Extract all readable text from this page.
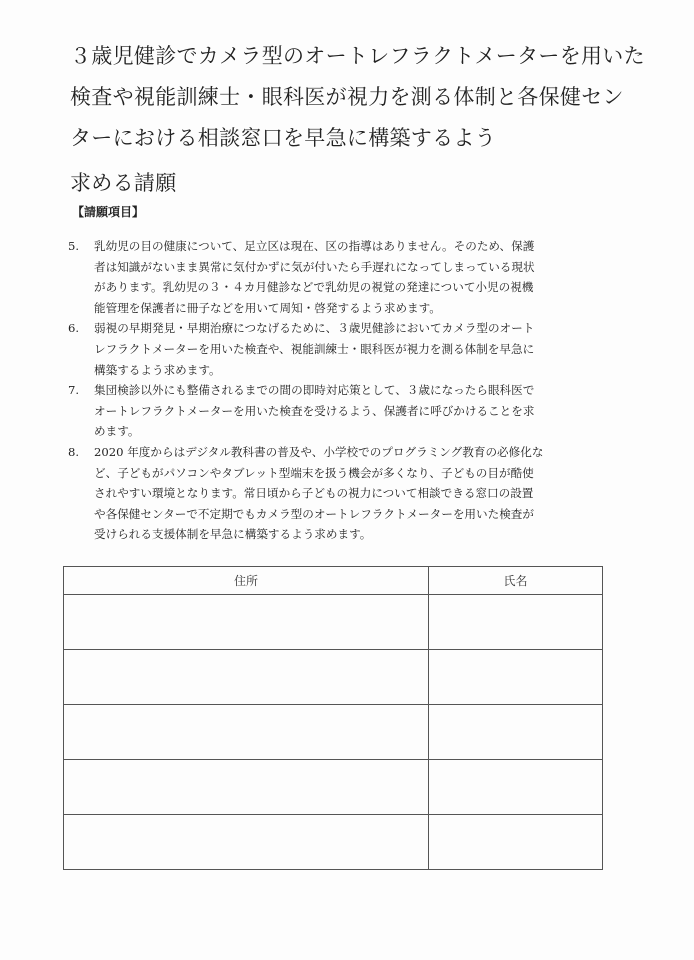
３歳児健診でカメラ型のオートレフラクトメーターを用いた
検査や視能訓練士・眼科医が視力を測る体制と各保健セン
ターにおける相談窓口を早急に構築するよう
求める請願
【請願項目】
5. 乳幼児の目の健康について、足立区は現在、区の指導はありません。そのため、保護
者は知識がないまま異常に気付かずに気が付いたら手遅れになってしまっている現状
があります。乳幼児の３・４カ月健診などで乳幼児の視覚の発達について小児の視機
能管理を保護者に冊子などを用いて周知・啓発するよう求めます。
6. 弱視の早期発見・早期治療につなげるために、３歳児健診においてカメラ型のオート
レフラクトメーターを用いた検査や、視能訓練士・眼科医が視力を測る体制を早急に
構築するよう求めます。
7. 集団検診以外にも整備されるまでの間の即時対応策として、３歳になったら眼科医で
オートレフラクトメーターを用いた検査を受けるよう、保護者に呼びかけることを求
めます。
8. 2020 年度からはデジタル教科書の普及や、小学校でのプログラミング教育の必修化な
ど、子どもがパソコンやタブレット型端末を扱う機会が多くなり、子どもの目が酷使
されやすい環境となります。常日頃から子どもの視力について相談できる窓口の設置
や各保健センターで不定期でもカメラ型のオートレフラクトメーターを用いた検査が
受けられる支援体制を早急に構築するよう求めます。
住所	氏名
